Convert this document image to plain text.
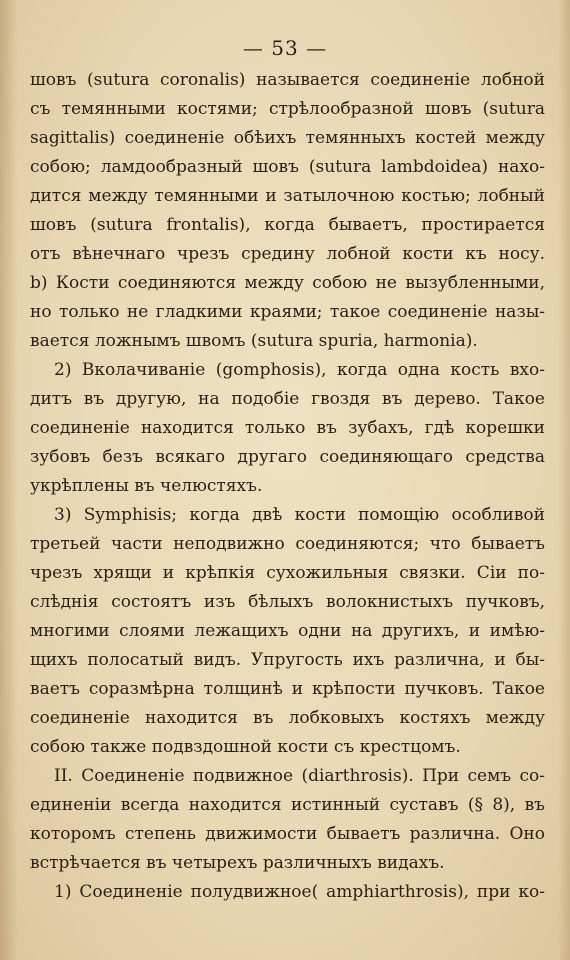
— 53 —
шовъ (sutura coronalis) называется соединеніе лобной
съ темянными костями; стрѣлообразной шовъ (sutura
sagittalis) соединеніе обѣихъ темянныхъ костей между
собою; ламдообразный шовъ (sutura lambdoidea) нахо-
дится между темянными и затылочною костью; лобный
шовъ (sutura frontalis), когда бываетъ, простирается
отъ вѣнечнаго чрезъ средину лобной кости къ носу.
b) Кости соединяются между собою не вызубленными,
но только не гладкими краями; такое соединеніе назы-
вается ложнымъ швомъ (sutura spuria, harmonia).
2) Вколачиваніе (gomphosis), когда одна кость вхо-
дитъ въ другую, на подобіе гвоздя въ дерево. Такое
соединеніе находится только въ зубахъ, гдѣ корешки
зубовъ безъ всякаго другаго соединяющаго средства
укрѣплены въ челюстяхъ.
3) Symphisis; когда двѣ кости помощію особливой
третьей части неподвижно соединяются; что бываетъ
чрезъ хрящи и крѣпкія сухожильныя связки. Сіи по-
слѣднія состоятъ изъ бѣлыхъ волокнистыхъ пучковъ,
многими слоями лежащихъ одни на другихъ, и имѣю-
щихъ полосатый видъ. Упругость ихъ различна, и бы-
ваетъ соразмѣрна толщинѣ и крѣпости пучковъ. Такое
соединеніе находится въ лобковыхъ костяхъ между
собою также подвздошной кости съ крестцомъ.
II. Соединеніе подвижное (diarthrosis). При семъ со-
единеніи всегда находится истинный суставъ (§ 8), въ
которомъ степень движимости бываетъ различна. Оно
встрѣчается въ четырехъ различныхъ видахъ.
1) Соединеніе полудвижное( amphiarthrosis), при ко-
